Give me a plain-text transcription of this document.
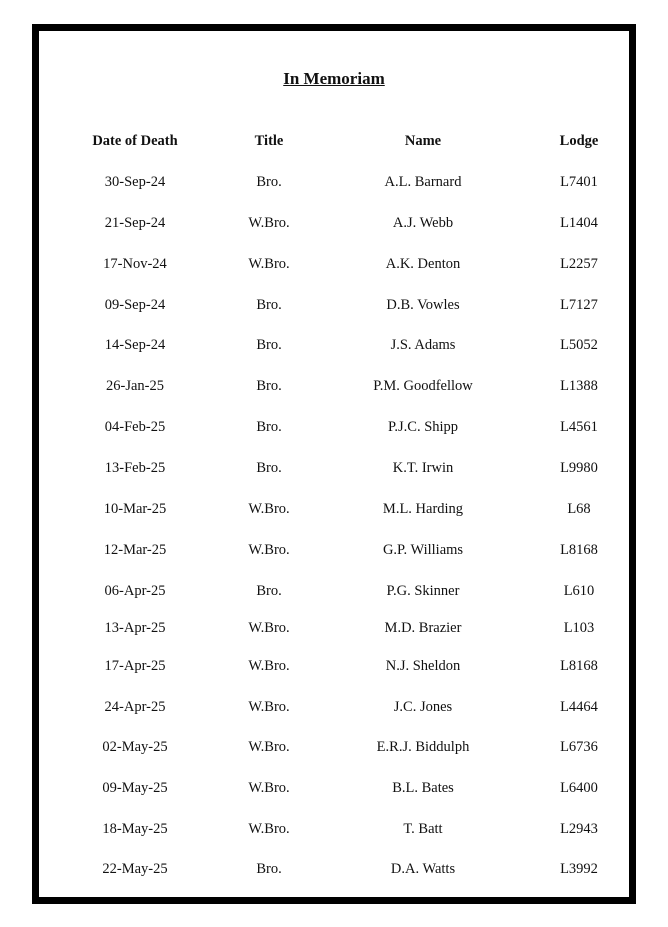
In Memoriam
Date of Death	Title	Name	Lodge
30-Sep-24	Bro.	A.L. Barnard	L7401
21-Sep-24	W.Bro.	A.J. Webb	L1404
17-Nov-24	W.Bro.	A.K. Denton	L2257
09-Sep-24	Bro.	D.B. Vowles	L7127
14-Sep-24	Bro.	J.S. Adams	L5052
26-Jan-25	Bro.	P.M. Goodfellow	L1388
04-Feb-25	Bro.	P.J.C. Shipp	L4561
13-Feb-25	Bro.	K.T. Irwin	L9980
10-Mar-25	W.Bro.	M.L. Harding	L68
12-Mar-25	W.Bro.	G.P. Williams	L8168
06-Apr-25	Bro.	P.G. Skinner	L610
13-Apr-25	W.Bro.	M.D. Brazier	L103
17-Apr-25	W.Bro.	N.J. Sheldon	L8168
24-Apr-25	W.Bro.	J.C. Jones	L4464
02-May-25	W.Bro.	E.R.J. Biddulph	L6736
09-May-25	W.Bro.	B.L. Bates	L6400
18-May-25	W.Bro.	T. Batt	L2943
22-May-25	Bro.	D.A. Watts	L3992
